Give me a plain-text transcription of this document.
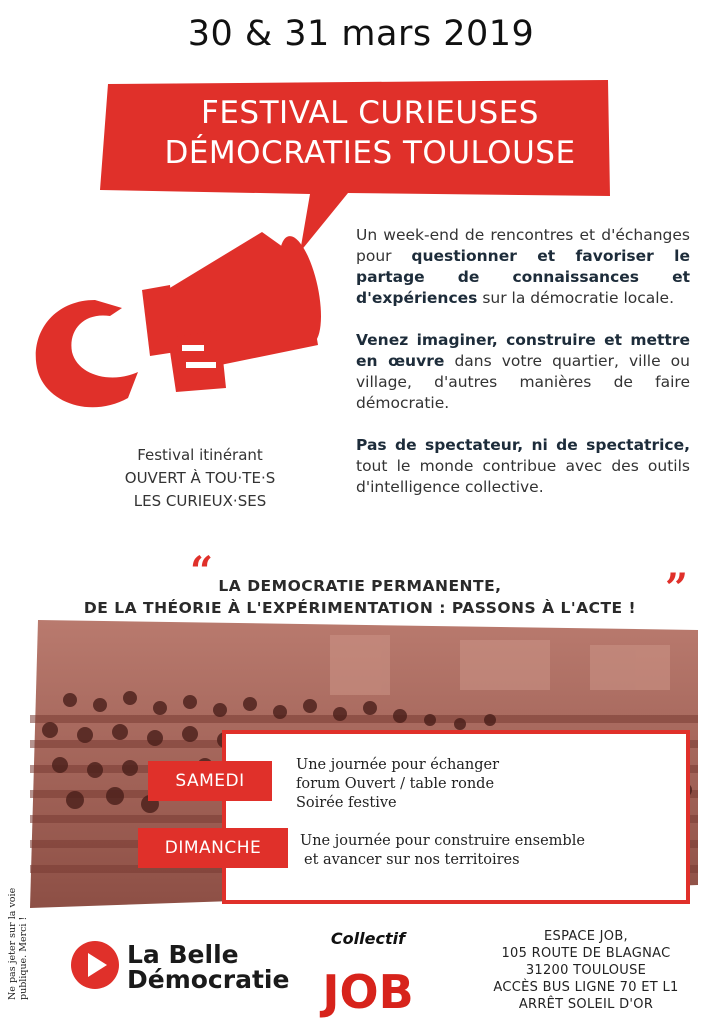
30 & 31 mars 2019
FESTIVAL CURIEUSES
DÉMOCRATIES TOULOUSE

Un week-end de rencontres et d'échanges pour questionner et favoriser le partage de connaissances et d'expériences sur la démocratie locale.

Venez imaginer, construire et mettre en œuvre dans votre quartier, ville ou village, d'autres manières de faire démocratie.

Pas de spectateur, ni de spectatrice, tout le monde contribue avec des outils d'intelligence collective.

Festival itinérant
OUVERT À TOU·TE·S
LES CURIEUX·SES
“	”
LA DEMOCRATIE PERMANENTE,
DE LA THÉORIE À L'EXPÉRIMENTATION : PASSONS À L'ACTE !
SAMEDI
DIMANCHE
Une journée pour échanger
forum Ouvert / table ronde
Soirée festive
Une journée pour construire ensemble
et avancer sur nos territoires
Ne pas jeter sur la voie publique. Merci !	La Belle
Démocratie
Collectif
JOB
ESPACE JOB,
105 ROUTE DE BLAGNAC
31200 TOULOUSE
ACCÈS BUS LIGNE 70 ET L1
ARRÊT SOLEIL D'OR
